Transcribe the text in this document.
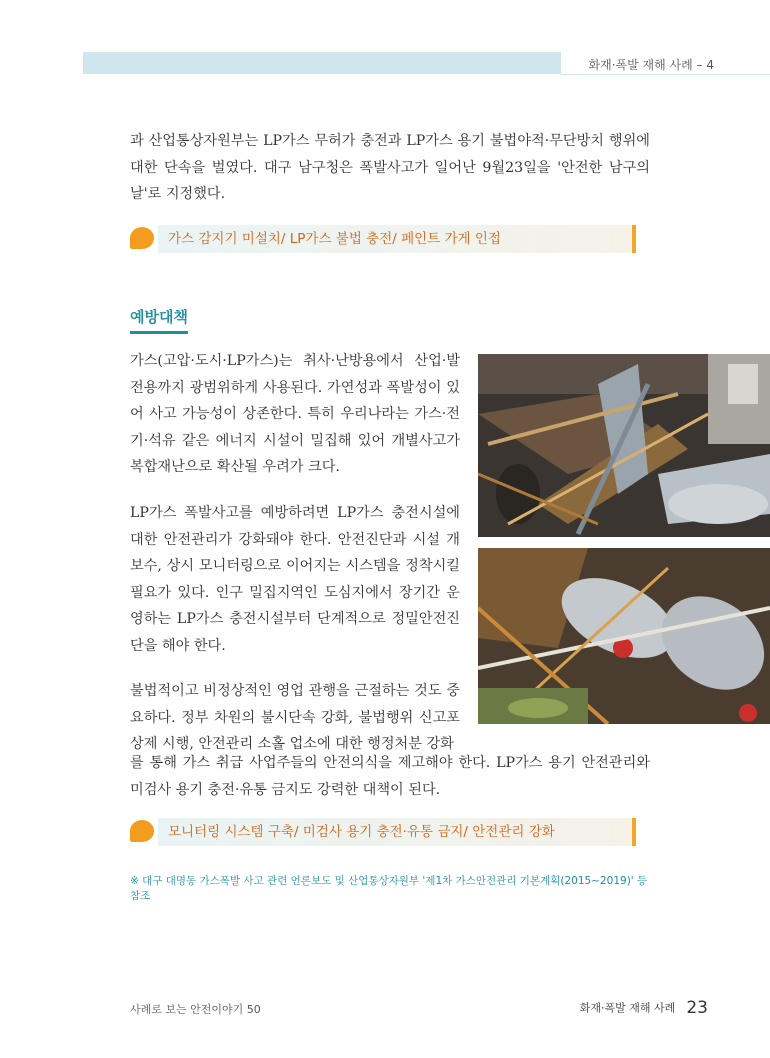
화재·폭발 재해 사례 – 4

과 산업통상자원부는 LP가스 무허가 충전과 LP가스 용기 불법야적·무단방치 행위에 대한 단속을 벌였다. 대구 남구청은 폭발사고가 일어난 9월23일을 '안전한 남구의 날'로 지정했다.

가스 감지기 미설치/ LP가스 불법 충전/ 페인트 가게 인접
예방대책

가스(고압·도시·LP가스)는 취사·난방용에서 산업·발전용까지 광범위하게 사용된다. 가연성과 폭발성이 있어 사고 가능성이 상존한다. 특히 우리나라는 가스·전기·석유 같은 에너지 시설이 밀집해 있어 개별사고가 복합재난으로 확산될 우려가 크다.

LP가스 폭발사고를 예방하려면 LP가스 충전시설에 대한 안전관리가 강화돼야 한다. 안전진단과 시설 개보수, 상시 모니터링으로 이어지는 시스템을 정착시킬 필요가 있다. 인구 밀집지역인 도심지에서 장기간 운영하는 LP가스 충전시설부터 단계적으로 정밀안전진단을 해야 한다.

불법적이고 비정상적인 영업 관행을 근절하는 것도 중요하다. 정부 차원의 불시단속 강화, 불법행위 신고포상제 시행, 안전관리 소홀 업소에 대한 행정처분 강화

를 통해 가스 취급 사업주들의 안전의식을 제고해야 한다. LP가스 용기 안전관리와 미검사 용기 충전·유통 금지도 강력한 대책이 된다.

모니터링 시스템 구축/ 미검사 용기 충전·유통 금지/ 안전관리 강화
※ 대구 대명동 가스폭발 사고 관련 언론보도 및 산업통상자원부 '제1차 가스안전관리 기본계획(2015~2019)' 등 참조
사례로 보는 안전이야기 50	화재·폭발 재해 사례 23
